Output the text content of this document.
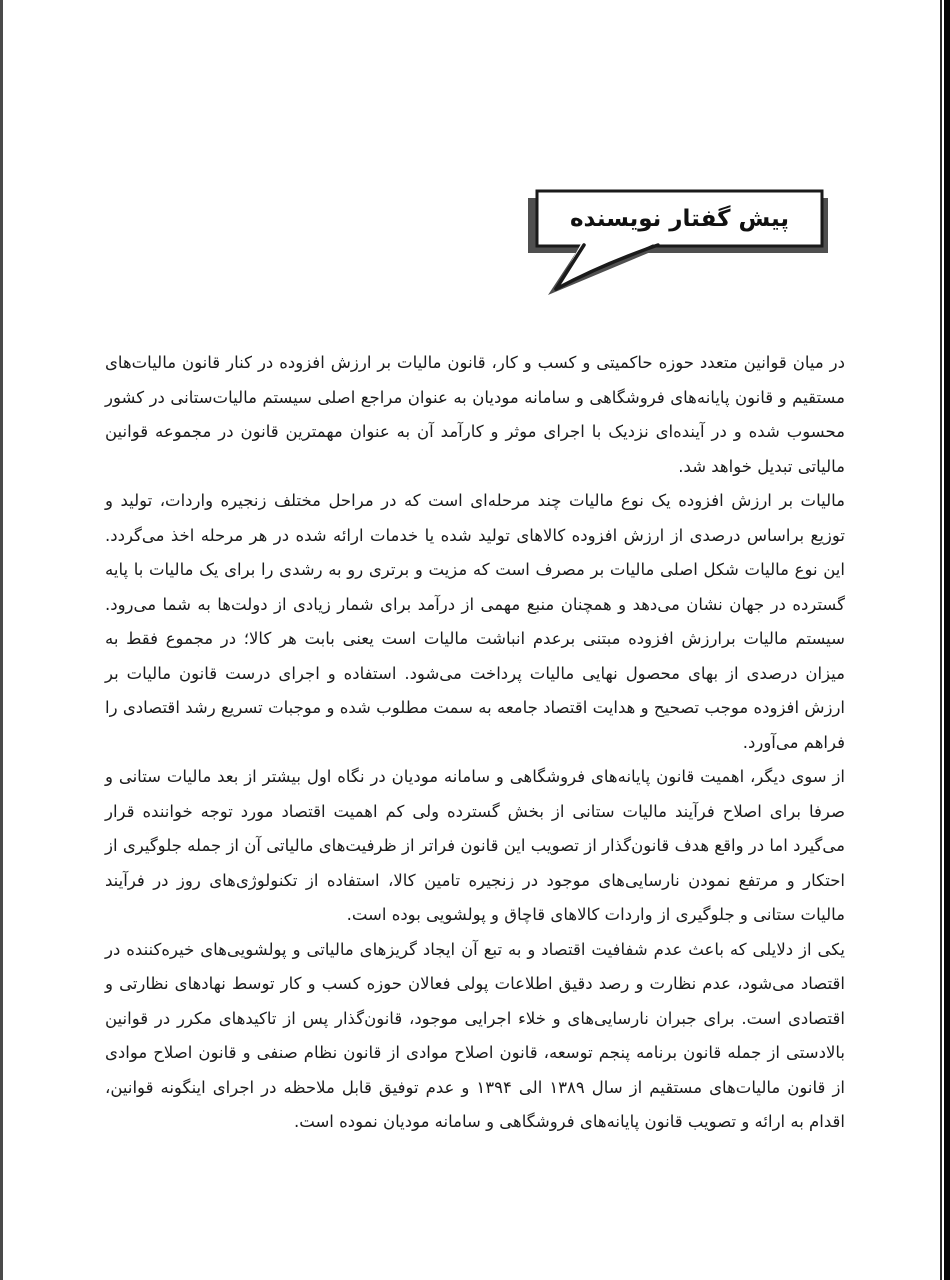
پیش گفتار نویسنده

در میان قوانین متعدد حوزه حاکمیتی و کسب و کار، قانون مالیات بر ارزش افزوده در کنار قانون مالیات‌های مستقیم و قانون پایانه‌های فروشگاهی و سامانه مودیان به عنوان مراجع اصلی سیستم مالیات‌ستانی در کشور محسوب شده و در آینده‌ای نزدیک با اجرای موثر و کارآمد آن به عنوان مهمترین قانون در مجموعه قوانین مالیاتی تبدیل خواهد شد.

مالیات بر ارزش افزوده یک نوع مالیات چند مرحله‌ای است که در مراحل مختلف زنجیره واردات، تولید و توزیع براساس درصدی از ارزش افزوده کالاهای تولید شده یا خدمات ارائه شده در هر مرحله اخذ می‌گردد. این نوع مالیات شکل اصلی مالیات بر مصرف است که مزیت و برتری رو به رشدی را برای یک مالیات با پایه گسترده در جهان نشان می‌دهد و همچنان منبع مهمی از درآمد برای شمار زیادی از دولت‌ها به شما می‌رود. سیستم مالیات برارزش افزوده مبتنی برعدم انباشت مالیات است یعنی بابت هر کالا؛ در مجموع فقط به میزان درصدی از بهای محصول نهایی مالیات پرداخت می‌شود. استفاده و اجرای درست قانون مالیات بر ارزش افزوده موجب تصحیح و هدایت اقتصاد جامعه به سمت مطلوب شده و موجبات تسریع رشد اقتصادی را فراهم می‌آورد.

از سوی دیگر، اهمیت قانون پایانه‌های فروشگاهی و سامانه مودیان در نگاه اول بیشتر از بعد مالیات ستانی و صرفا برای اصلاح فرآیند مالیات ستانی از بخش گسترده ولی کم اهمیت اقتصاد مورد توجه خواننده قرار می‌گیرد اما در واقع هدف قانون‌گذار از تصویب این قانون فراتر از ظرفیت‌های مالیاتی آن از جمله جلوگیری از احتکار و مرتفع نمودن نارسایی‌های موجود در زنجیره تامین کالا، استفاده از تکنولوژی‌های روز در فرآیند مالیات ستانی و جلوگیری از واردات کالاهای قاچاق و پولشویی بوده است.

یکی از دلایلی که باعث عدم شفافیت اقتصاد و به تبع آن ایجاد گریزهای مالیاتی و پولشویی‌های خیره‌کننده در اقتصاد می‌شود، عدم نظارت و رصد دقیق اطلاعات پولی فعالان حوزه کسب و کار توسط نهادهای نظارتی و اقتصادی است. برای جبران نارسایی‌های و خلاء اجرایی موجود، قانون‌گذار پس از تاکیدهای مکرر در قوانین بالادستی از جمله قانون برنامه پنجم توسعه، قانون اصلاح موادی از قانون نظام صنفی و قانون اصلاح موادی از قانون مالیات‌های مستقیم از سال ۱۳۸۹ الی ۱۳۹۴ و عدم توفیق قابل ملاحظه در اجرای اینگونه قوانین، اقدام به ارائه و تصویب قانون پایانه‌های فروشگاهی و سامانه مودیان نموده است.
